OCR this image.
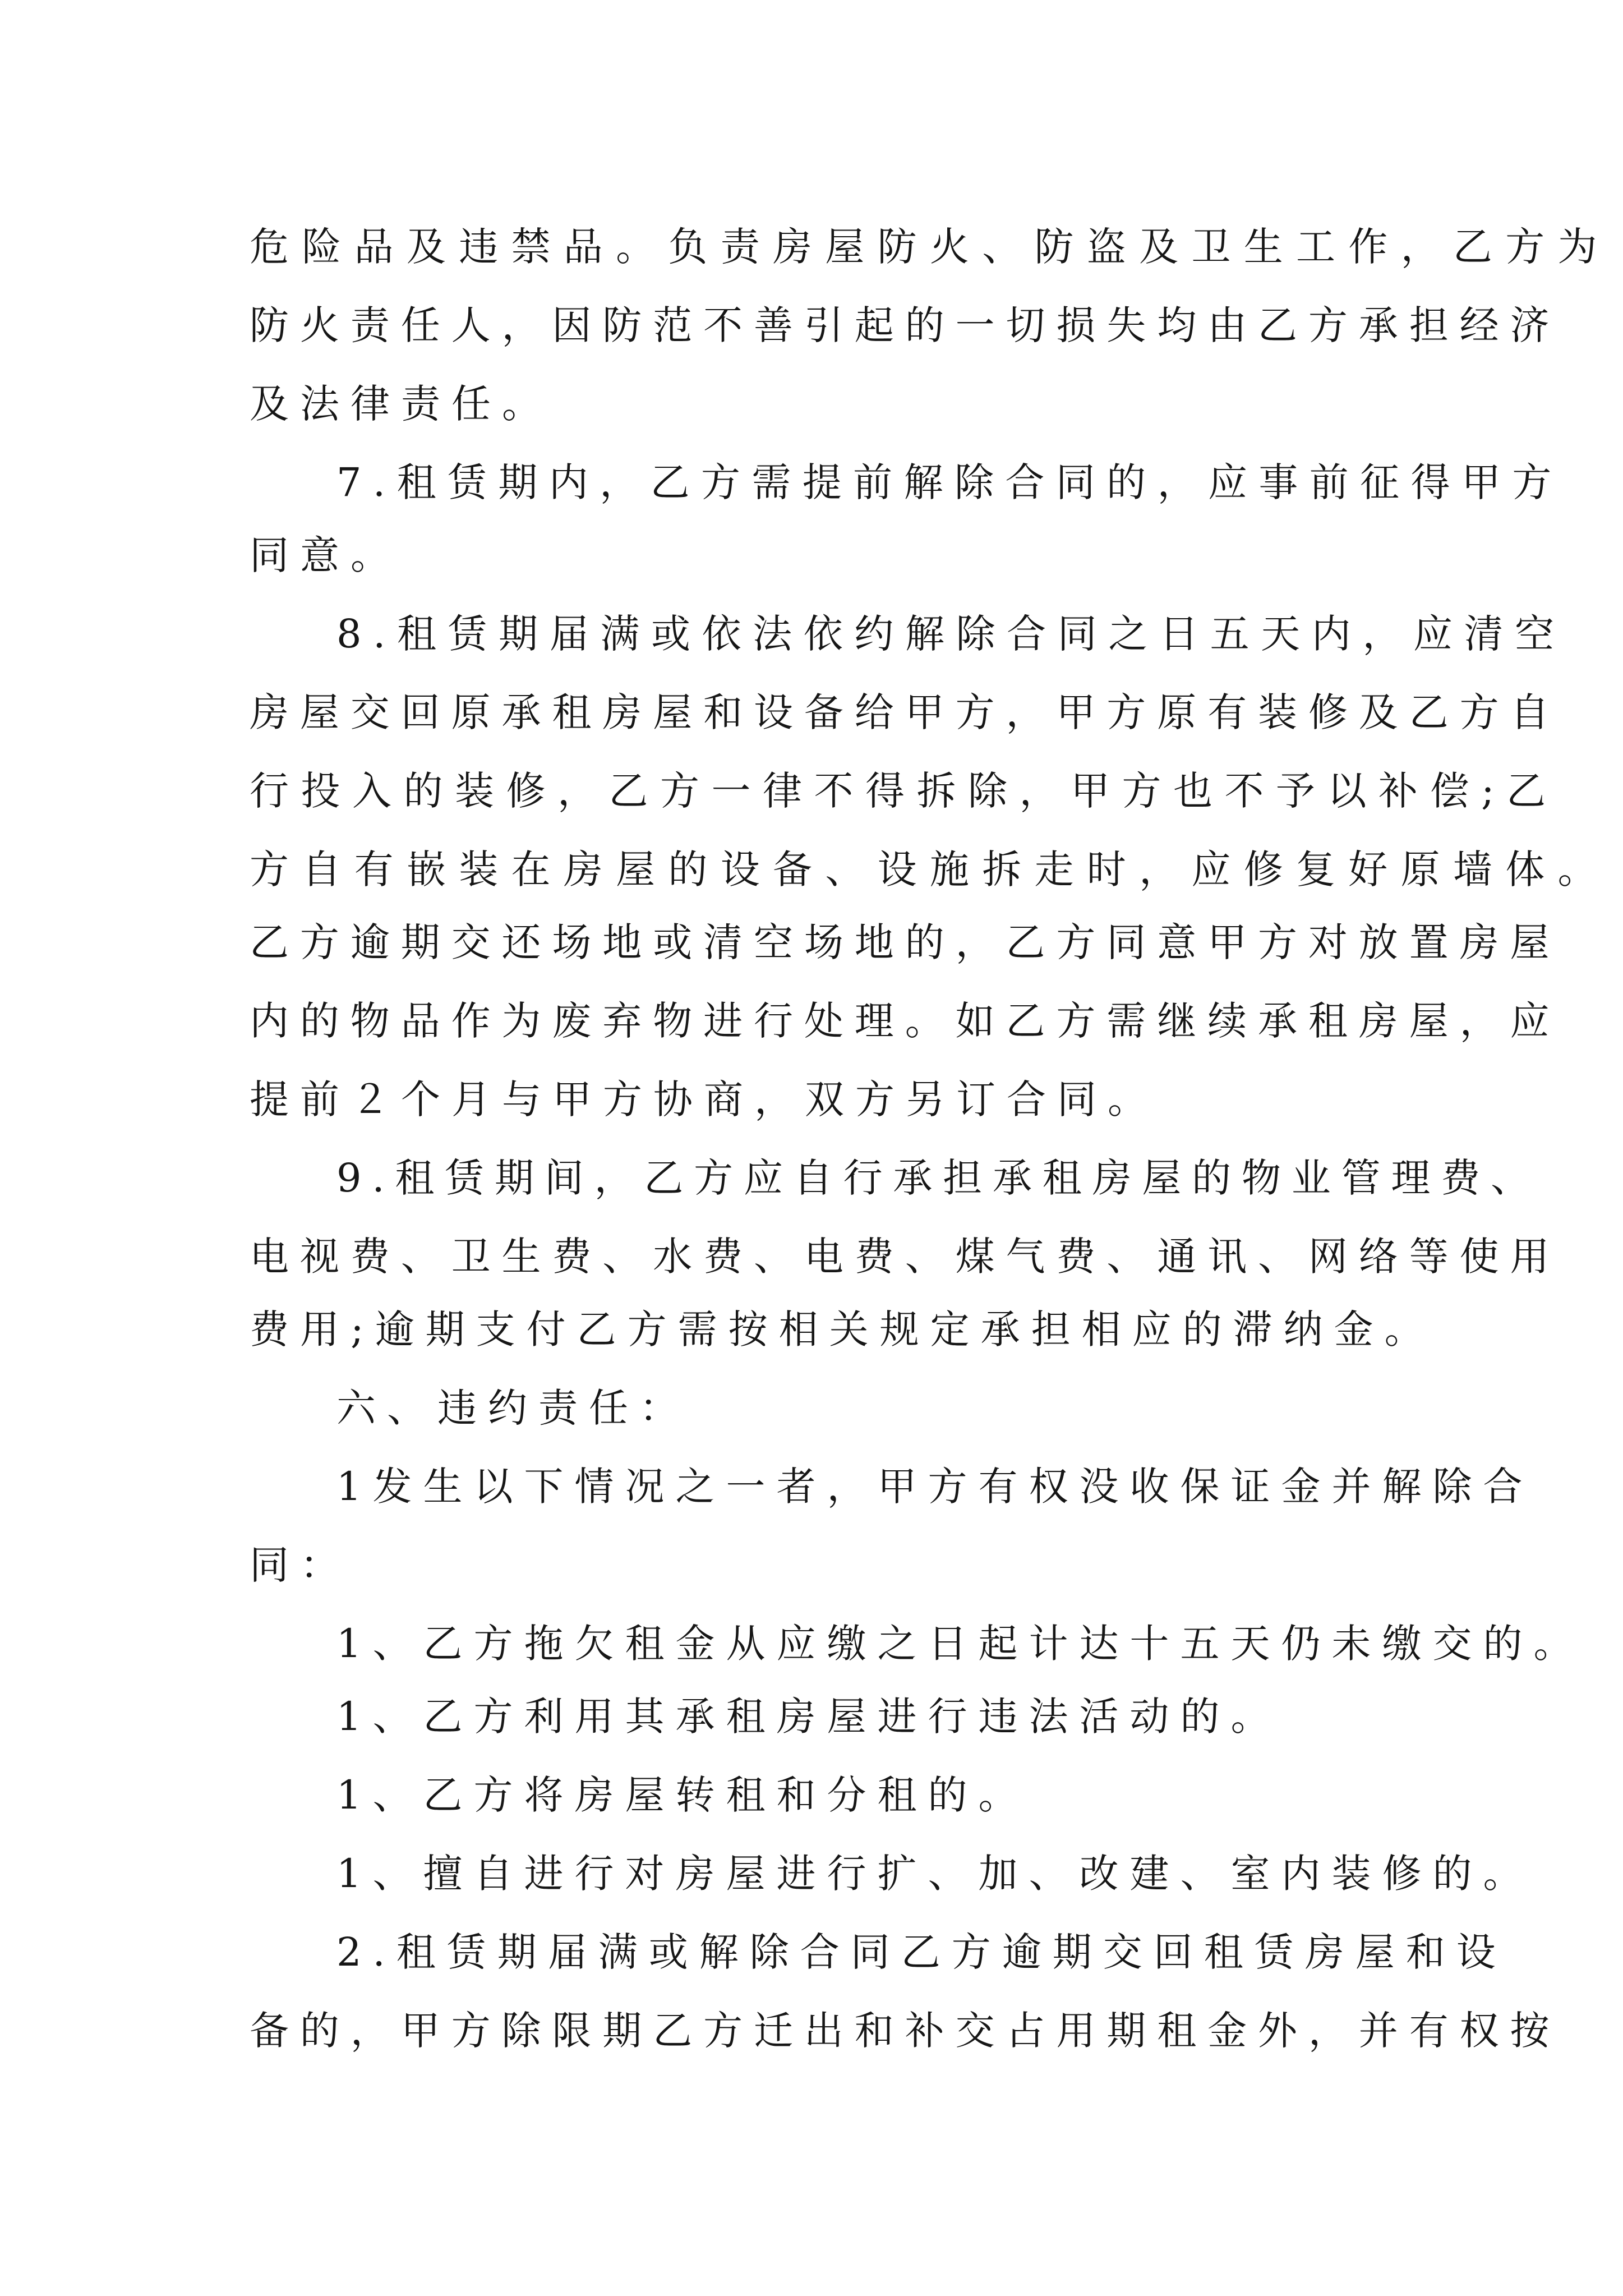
危险品及违禁品。负责房屋防火、防盗及卫生工作，乙方为

防火责任人，因防范不善引起的一切损失均由乙方承担经济

及法律责任。

7.租赁期内，乙方需提前解除合同的，应事前征得甲方

同意。

8.租赁期届满或依法依约解除合同之日五天内，应清空

房屋交回原承租房屋和设备给甲方，甲方原有装修及乙方自

行投入的装修，乙方一律不得拆除，甲方也不予以补偿;乙

方自有嵌装在房屋的设备、设施拆走时，应修复好原墙体。

乙方逾期交还场地或清空场地的，乙方同意甲方对放置房屋

内的物品作为废弃物进行处理。如乙方需继续承租房屋，应

提前２个月与甲方协商，双方另订合同。

9.租赁期间，乙方应自行承担承租房屋的物业管理费、

电视费、卫生费、水费、电费、煤气费、通讯、网络等使用

费用;逾期支付乙方需按相关规定承担相应的滞纳金。

六、违约责任：

1发生以下情况之一者，甲方有权没收保证金并解除合

同：

1、乙方拖欠租金从应缴之日起计达十五天仍未缴交的。

1、乙方利用其承租房屋进行违法活动的。

1、乙方将房屋转租和分租的。

1、擅自进行对房屋进行扩、加、改建、室内装修的。

2.租赁期届满或解除合同乙方逾期交回租赁房屋和设

备的，甲方除限期乙方迁出和补交占用期租金外，并有权按
